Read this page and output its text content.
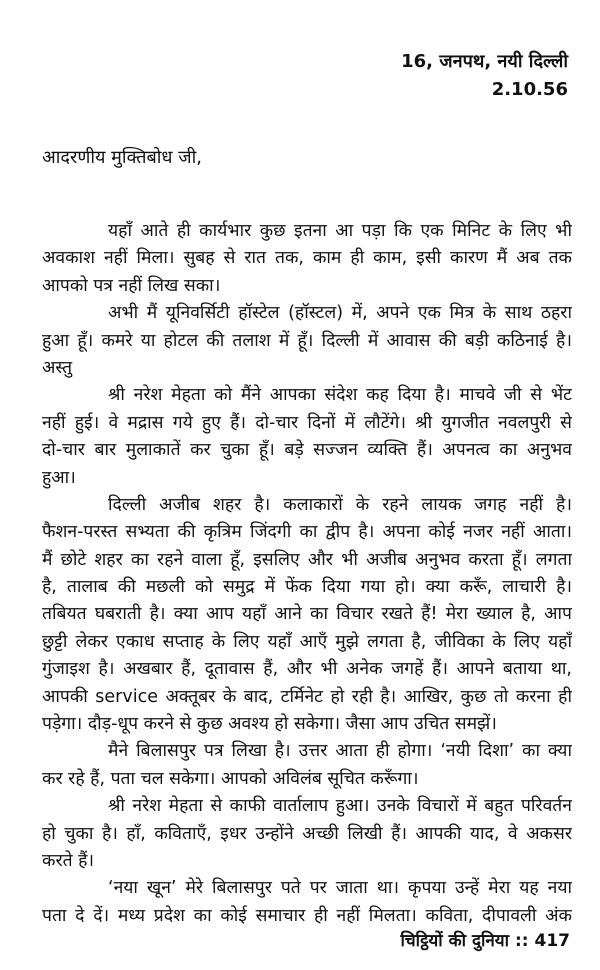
16, जनपथ, नयी दिल्ली
2.10.56
आदरणीय मुक्तिबोध जी,
यहाँ आते ही कार्यभार कुछ इतना आ पड़ा कि एक मिनिट के लिए भी
अवकाश नहीं मिला। सुबह से रात तक, काम ही काम, इसी कारण मैं अब तक
आपको पत्र नहीं लिख सका।
अभी मैं यूनिवर्सिटी हॉस्टेल (हॉस्टल) में, अपने एक मित्र के साथ ठहरा
हुआ हूँ। कमरे या होटल की तलाश में हूँ। दिल्ली में आवास की बड़ी कठिनाई है।
अस्तु
श्री नरेश मेहता को मैंने आपका संदेश कह दिया है। माचवे जी से भेंट
नहीं हुई। वे मद्रास गये हुए हैं। दो-चार दिनों में लौटेंगे। श्री युगजीत नवलपुरी से
दो-चार बार मुलाकातें कर चुका हूँ। बड़े सज्जन व्यक्ति हैं। अपनत्व का अनुभव
हुआ।
दिल्ली अजीब शहर है। कलाकारों के रहने लायक जगह नहीं है।
फैशन-परस्त सभ्यता की कृत्रिम जिंदगी का द्वीप है। अपना कोई नजर नहीं आता।
मैं छोटे शहर का रहने वाला हूँ, इसलिए और भी अजीब अनुभव करता हूँ। लगता
है, तालाब की मछली को समुद्र में फेंक दिया गया हो। क्या करूँ, लाचारी है।
तबियत घबराती है। क्या आप यहाँ आने का विचार रखते हैं! मेरा ख्याल है, आप
छुट्टी लेकर एकाध सप्ताह के लिए यहाँ आएँ मुझे लगता है, जीविका के लिए यहाँ
गुंजाइश है। अखबार हैं, दूतावास हैं, और भी अनेक जगहें हैं। आपने बताया था,
आपकी service अक्तूबर के बाद, टर्मिनेट हो रही है। आखिर, कुछ तो करना ही
पड़ेगा। दौड़-धूप करने से कुछ अवश्य हो सकेगा। जैसा आप उचित समझें।
मैने बिलासपुर पत्र लिखा है। उत्तर आता ही होगा। ‘नयी दिशा’ का क्या
कर रहे हैं, पता चल सकेगा। आपको अविलंब सूचित करूँगा।
श्री नरेश मेहता से काफी वार्तालाप हुआ। उनके विचारों में बहुत परिवर्तन
हो चुका है। हाँ, कविताएँ, इधर उन्होंने अच्छी लिखी हैं। आपकी याद, वे अकसर
करते हैं।
‘नया खून’ मेरे बिलासपुर पते पर जाता था। कृपया उन्हें मेरा यह नया
पता दे दें। मध्य प्रदेश का कोई समाचार ही नहीं मिलता। कविता, दीपावली अंक
चिट्ठियों की दुनिया :: 417
